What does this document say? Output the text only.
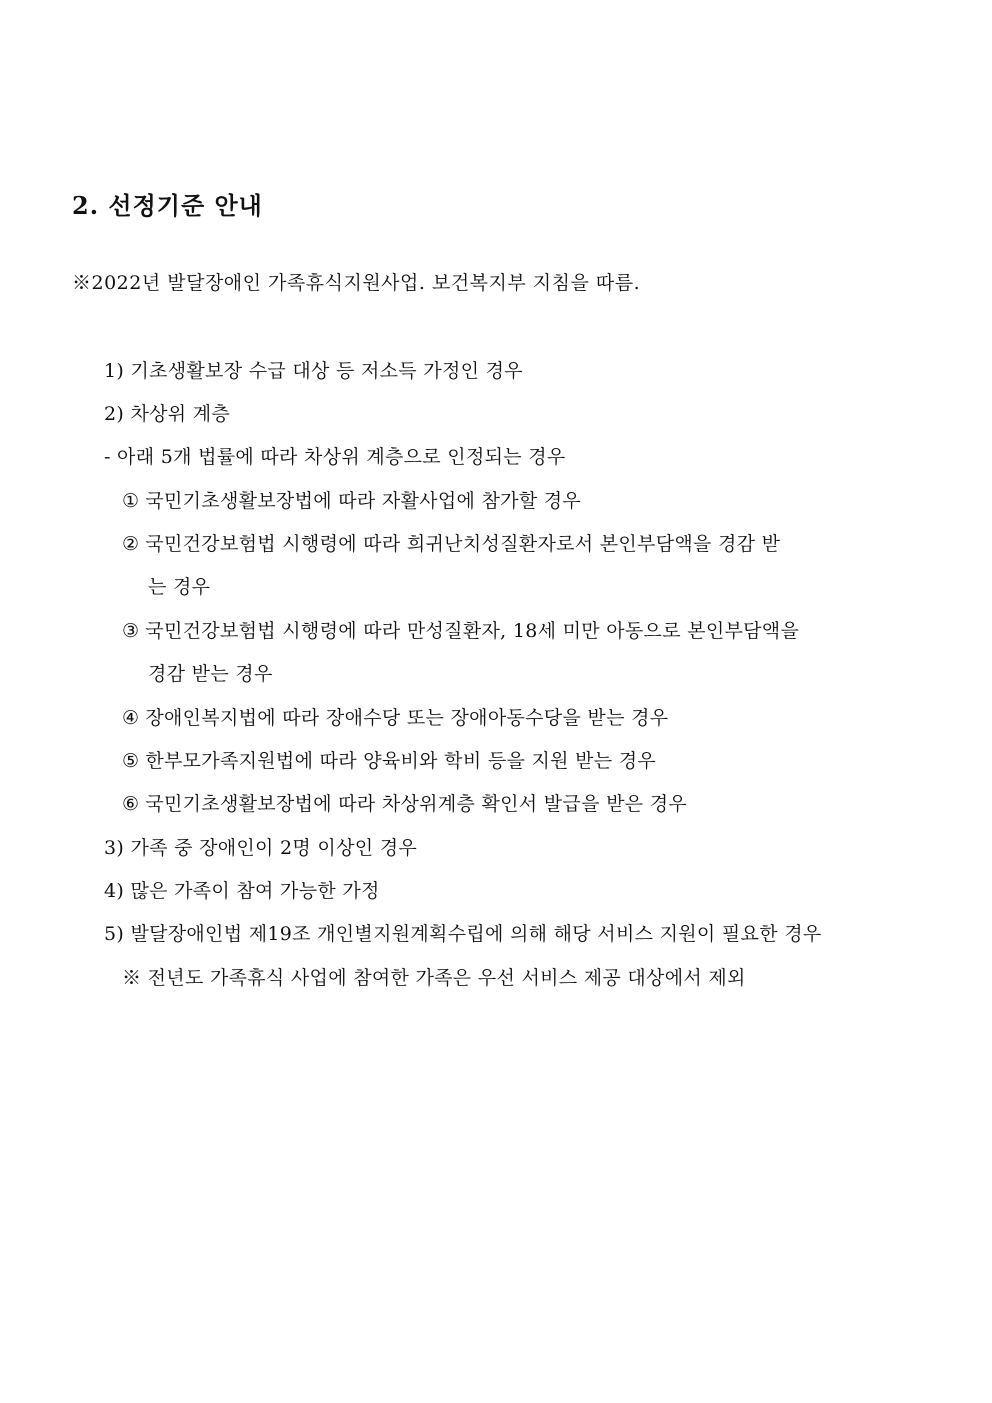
2. 선정기준 안내
※2022년 발달장애인 가족휴식지원사업. 보건복지부 지침을 따름.
1) 기초생활보장 수급 대상 등 저소득 가정인 경우
2) 차상위 계층
- 아래 5개 법률에 따라 차상위 계층으로 인정되는 경우
① 국민기초생활보장법에 따라 자활사업에 참가할 경우
② 국민건강보험법 시행령에 따라 희귀난치성질환자로서 본인부담액을 경감 받
는 경우
③ 국민건강보험법 시행령에 따라 만성질환자, 18세 미만 아동으로 본인부담액을
경감 받는 경우
④ 장애인복지법에 따라 장애수당 또는 장애아동수당을 받는 경우
⑤ 한부모가족지원법에 따라 양육비와 학비 등을 지원 받는 경우
⑥ 국민기초생활보장법에 따라 차상위계층 확인서 발급을 받은 경우
3) 가족 중 장애인이 2명 이상인 경우
4) 많은 가족이 참여 가능한 가정
5) 발달장애인법 제19조 개인별지원계획수립에 의해 해당 서비스 지원이 필요한 경우
※ 전년도 가족휴식 사업에 참여한 가족은 우선 서비스 제공 대상에서 제외
